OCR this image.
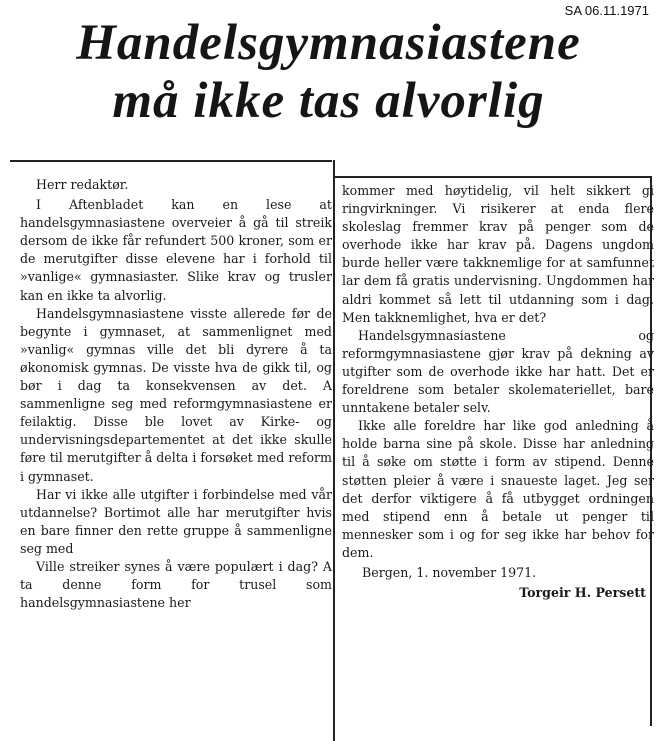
SA 06.11.1971
Handelsgymnasiastene
må ikke tas alvorlig

Herr redaktør.

I Aftenbladet kan en lese at handelsgymnasiastene overveier å gå til streik dersom de ikke får refundert 500 kroner, som er de merutgifter disse elevene har i forhold til »vanlige« gymnasiaster. Slike krav og trusler kan en ikke ta alvorlig.

Handelsgymnasiastene visste allerede før de begynte i gymnaset, at sammenlignet med »vanlig« gymnas ville det bli dyrere å ta økonomisk gymnas. De visste hva de gikk til, og bør i dag ta konsekvensen av det. A sammenligne seg med reformgymnasiastene er feilaktig. Disse ble lovet av Kirke- og undervisningsdepartementet at det ikke skulle føre til merutgifter å delta i forsøket med reform i gymnaset.

Har vi ikke alle utgifter i forbindelse med vår utdannelse? Bortimot alle har merutgifter hvis en bare finner den rette gruppe å sammenligne seg med

Ville streiker synes å være populært i dag? A ta denne form for trusel som handelsgymnasiastene her

kommer med høytidelig, vil helt sikkert gi ringvirkninger. Vi risikerer at enda flere skoleslag fremmer krav på penger som de overhode ikke har krav på. Dagens ungdom burde heller være takknemlige for at samfunnet lar dem få gratis undervisning. Ungdommen har aldri kommet så lett til utdanning som i dag. Men takknemlighet, hva er det?

Handelsgymnasiastene og reformgymnasiastene gjør krav på dekning av utgifter som de overhode ikke har hatt. Det er foreldrene som betaler skolemateriellet, bare unntakene betaler selv.

Ikke alle foreldre har like god anledning å holde barna sine på skole. Disse har anledning til å søke om støtte i form av stipend. Denne støtten pleier å være i snaueste laget. Jeg ser det derfor viktigere å få utbygget ordningen med stipend enn å betale ut penger til mennesker som i og for seg ikke har behov for dem.

Bergen, 1. november 1971.

Torgeir H. Persett
